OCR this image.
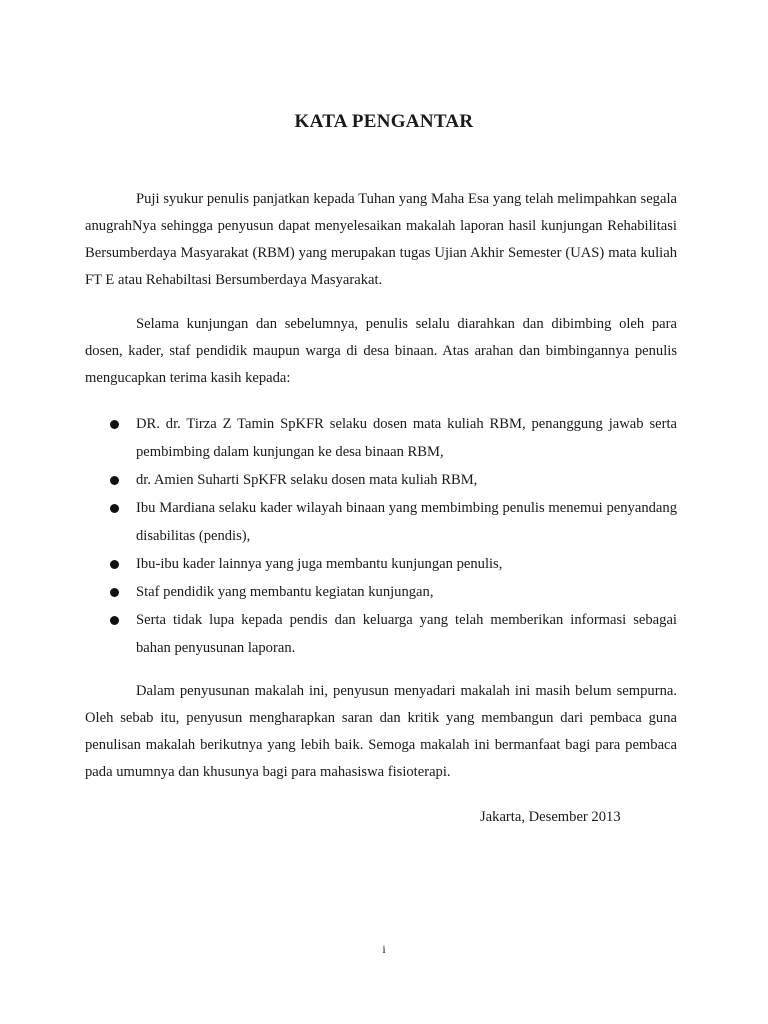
KATA PENGANTAR

Puji syukur penulis panjatkan kepada Tuhan yang Maha Esa yang telah melimpahkan segala anugrahNya sehingga penyusun dapat menyelesaikan makalah laporan hasil kunjungan Rehabilitasi Bersumberdaya Masyarakat (RBM) yang merupakan tugas Ujian Akhir Semester (UAS) mata kuliah FT E atau Rehabiltasi Bersumberdaya Masyarakat.

Selama kunjungan dan sebelumnya, penulis selalu diarahkan dan dibimbing oleh para dosen, kader, staf pendidik maupun warga di desa binaan. Atas arahan dan bimbingannya penulis mengucapkan terima kasih kepada:

DR. dr. Tirza Z Tamin SpKFR selaku dosen mata kuliah RBM, penanggung jawab serta pembimbing dalam kunjungan ke desa binaan RBM,
dr. Amien Suharti SpKFR selaku dosen mata kuliah RBM,
Ibu Mardiana selaku kader wilayah binaan yang membimbing penulis menemui penyandang disabilitas (pendis),
Ibu-ibu kader lainnya yang juga membantu kunjungan penulis,
Staf pendidik yang membantu kegiatan kunjungan,
Serta tidak lupa kepada pendis dan keluarga yang telah memberikan informasi sebagai bahan penyusunan laporan.

Dalam penyusunan makalah ini, penyusun menyadari makalah ini masih belum sempurna. Oleh sebab itu, penyusun mengharapkan saran dan kritik yang membangun dari pembaca guna penulisan makalah berikutnya yang lebih baik. Semoga makalah ini bermanfaat bagi para pembaca pada umumnya dan khusunya bagi para mahasiswa fisioterapi.

Jakarta, Desember 2013
i
